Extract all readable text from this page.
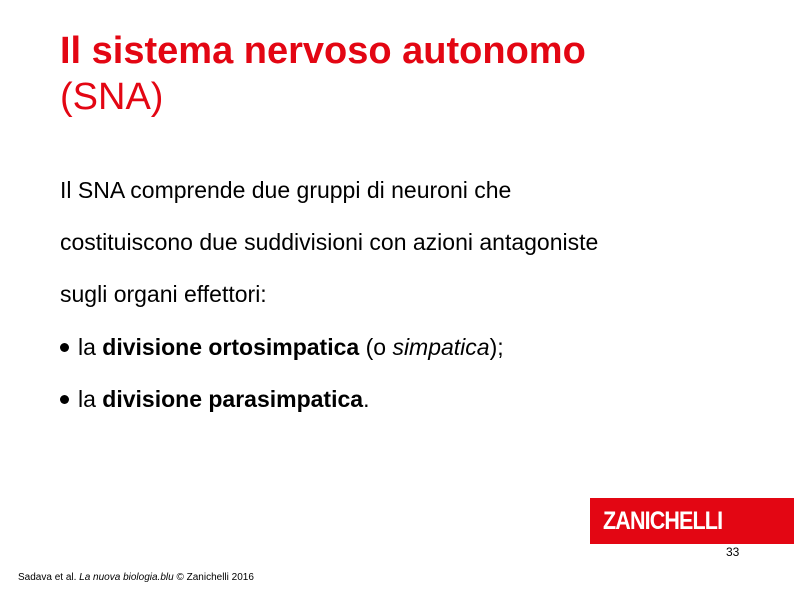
Il sistema nervoso autonomo
(SNA)
Il SNA comprende due gruppi di neuroni che
costituiscono due suddivisioni con azioni antagoniste
sugli organi effettori:
la divisione ortosimpatica (o simpatica);
la divisione parasimpatica.
ZANICHELLI
33
Sadava et al. La nuova biologia.blu © Zanichelli 2016
